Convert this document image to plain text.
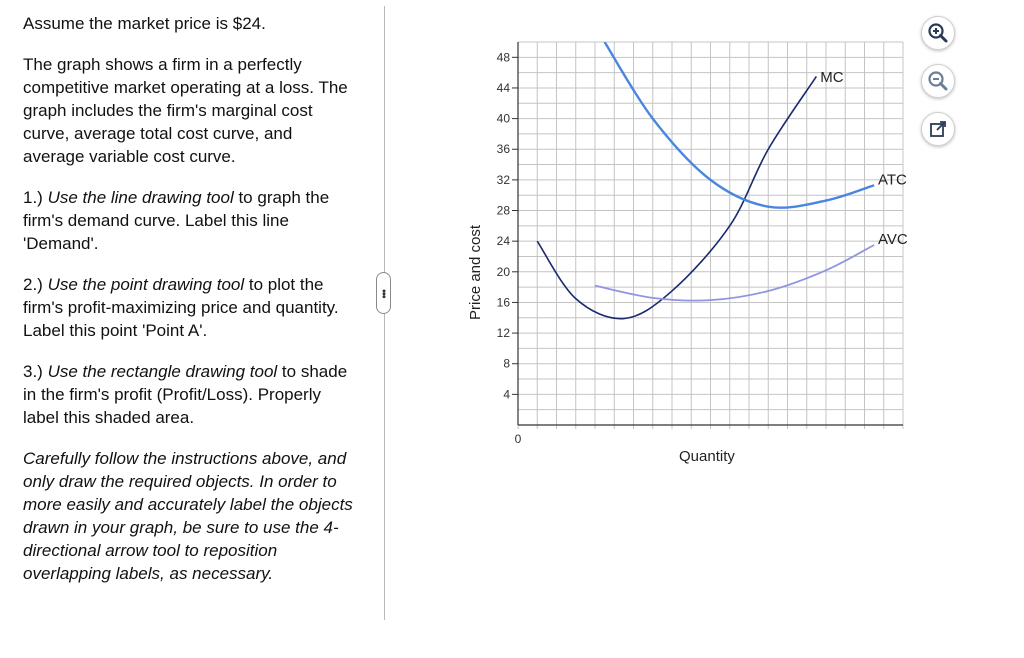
Assume the market price is $24.

The graph shows a firm in a perfectly competitive market operating at a loss. The graph includes the firm's marginal cost curve, average total cost curve, and average variable cost curve.

1.) Use the line drawing tool to graph the firm's demand curve. Label this line 'Demand'.

2.) Use the point drawing tool to plot the firm's profit-maximizing price and quantity. Label this point 'Point A'.

3.) Use the rectangle drawing tool to shade in the firm's profit (Profit/Loss). Properly label this shaded area.

Carefully follow the instructions above, and only draw the required objects. In order to more easily and accurately label the objects drawn in your graph, be sure to use the 4-directional arrow tool to reposition overlapping labels, as necessary.

•••
4
8
12
16
20
24
28
32
36
40
44
48
0
MC
ATC
AVC
Price and cost
Quantity
